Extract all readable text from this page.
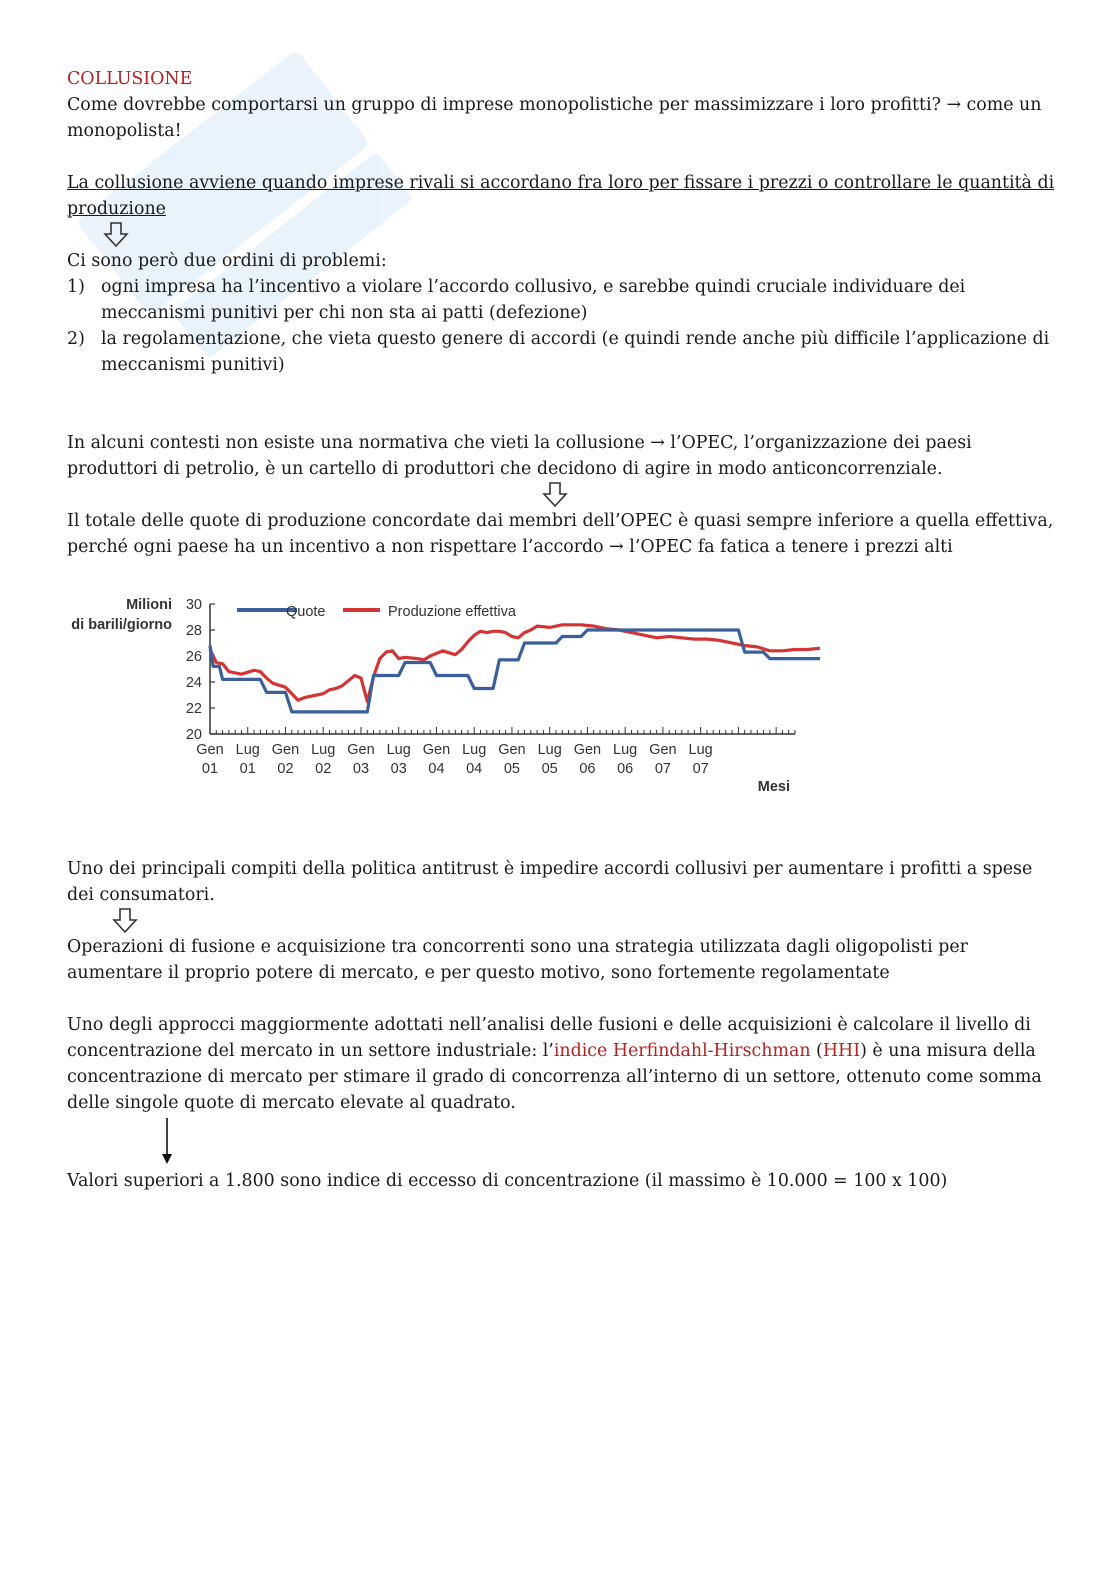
COLLUSIONE
Come dovrebbe comportarsi un gruppo di imprese monopolistiche per massimizzare i loro profitti? → come un
monopolista!
La collusione avviene quando imprese rivali si accordano fra loro per fissare i prezzi o controllare le quantità di
produzione
Ci sono però due ordini di problemi:
1) ogni impresa ha l’incentivo a violare l’accordo collusivo, e sarebbe quindi cruciale individuare dei
meccanismi punitivi per chi non sta ai patti (defezione)
2) la regolamentazione, che vieta questo genere di accordi (e quindi rende anche più difficile l’applicazione di
meccanismi punitivi)
In alcuni contesti non esiste una normativa che vieti la collusione → l’OPEC, l’organizzazione dei paesi
produttori di petrolio, è un cartello di produttori che decidono di agire in modo anticoncorrenziale.
Il totale delle quote di produzione concordate dai membri dell’OPEC è quasi sempre inferiore a quella effettiva,
perché ogni paese ha un incentivo a non rispettare l’accordo → l’OPEC fa fatica a tenere i prezzi alti
Uno dei principali compiti della politica antitrust è impedire accordi collusivi per aumentare i profitti a spese
dei consumatori.
Operazioni di fusione e acquisizione tra concorrenti sono una strategia utilizzata dagli oligopolisti per
aumentare il proprio potere di mercato, e per questo motivo, sono fortemente regolamentate
Uno degli approcci maggiormente adottati nell’analisi delle fusioni e delle acquisizioni è calcolare il livello di
concentrazione del mercato in un settore industriale: l’indice Herfindahl-Hirschman (HHI) è una misura della
concentrazione di mercato per stimare il grado di concorrenza all’interno di un settore, ottenuto come somma
delle singole quote di mercato elevate al quadrato.
Valori superiori a 1.800 sono indice di eccesso di concentrazione (il massimo è 10.000 = 100 x 100)
Milioni
di barili/giorno
Quote	Produzione effettiva
30
28
26
24
22
20
Gen
01
Lug
01
Gen
02
Lug
02
Gen
03
Lug
03
Gen
04
Lug
04
Gen
05
Lug
05
Gen
06
Lug
06
Gen
07
Lug
07
Mesi
